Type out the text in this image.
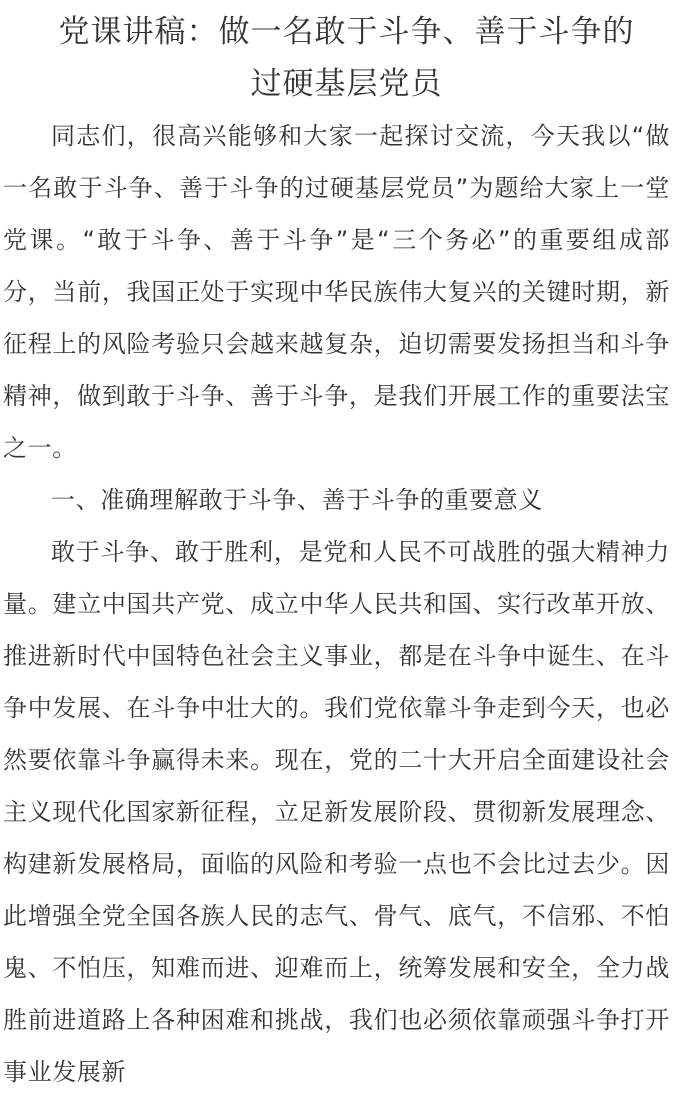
党课讲稿：做一名敢于斗争、善于斗争的
过硬基层党员

同志们，很高兴能够和大家一起探讨交流，今天我以“做一名敢于斗争、善于斗争的过硬基层党员”为题给大家上一堂党课。“敢于斗争、善于斗争”是“三个务必”的重要组成部分，当前，我国正处于实现中华民族伟大复兴的关键时期，新征程上的风险考验只会越来越复杂，迫切需要发扬担当和斗争精神，做到敢于斗争、善于斗争，是我们开展工作的重要法宝之一。

一、准确理解敢于斗争、善于斗争的重要意义

敢于斗争、敢于胜利，是党和人民不可战胜的强大精神力量。建立中国共产党、成立中华人民共和国、实行改革开放、推进新时代中国特色社会主义事业，都是在斗争中诞生、在斗争中发展、在斗争中壮大的。我们党依靠斗争走到今天，也必然要依靠斗争赢得未来。现在，党的二十大开启全面建设社会主义现代化国家新征程，立足新发展阶段、贯彻新发展理念、构建新发展格局，面临的风险和考验一点也不会比过去少。因此增强全党全国各族人民的志气、骨气、底气，不信邪、不怕鬼、不怕压，知难而进、迎难而上，统筹发展和安全，全力战胜前进道路上各种困难和挑战，我们也必须依靠顽强斗争打开事业发展新
